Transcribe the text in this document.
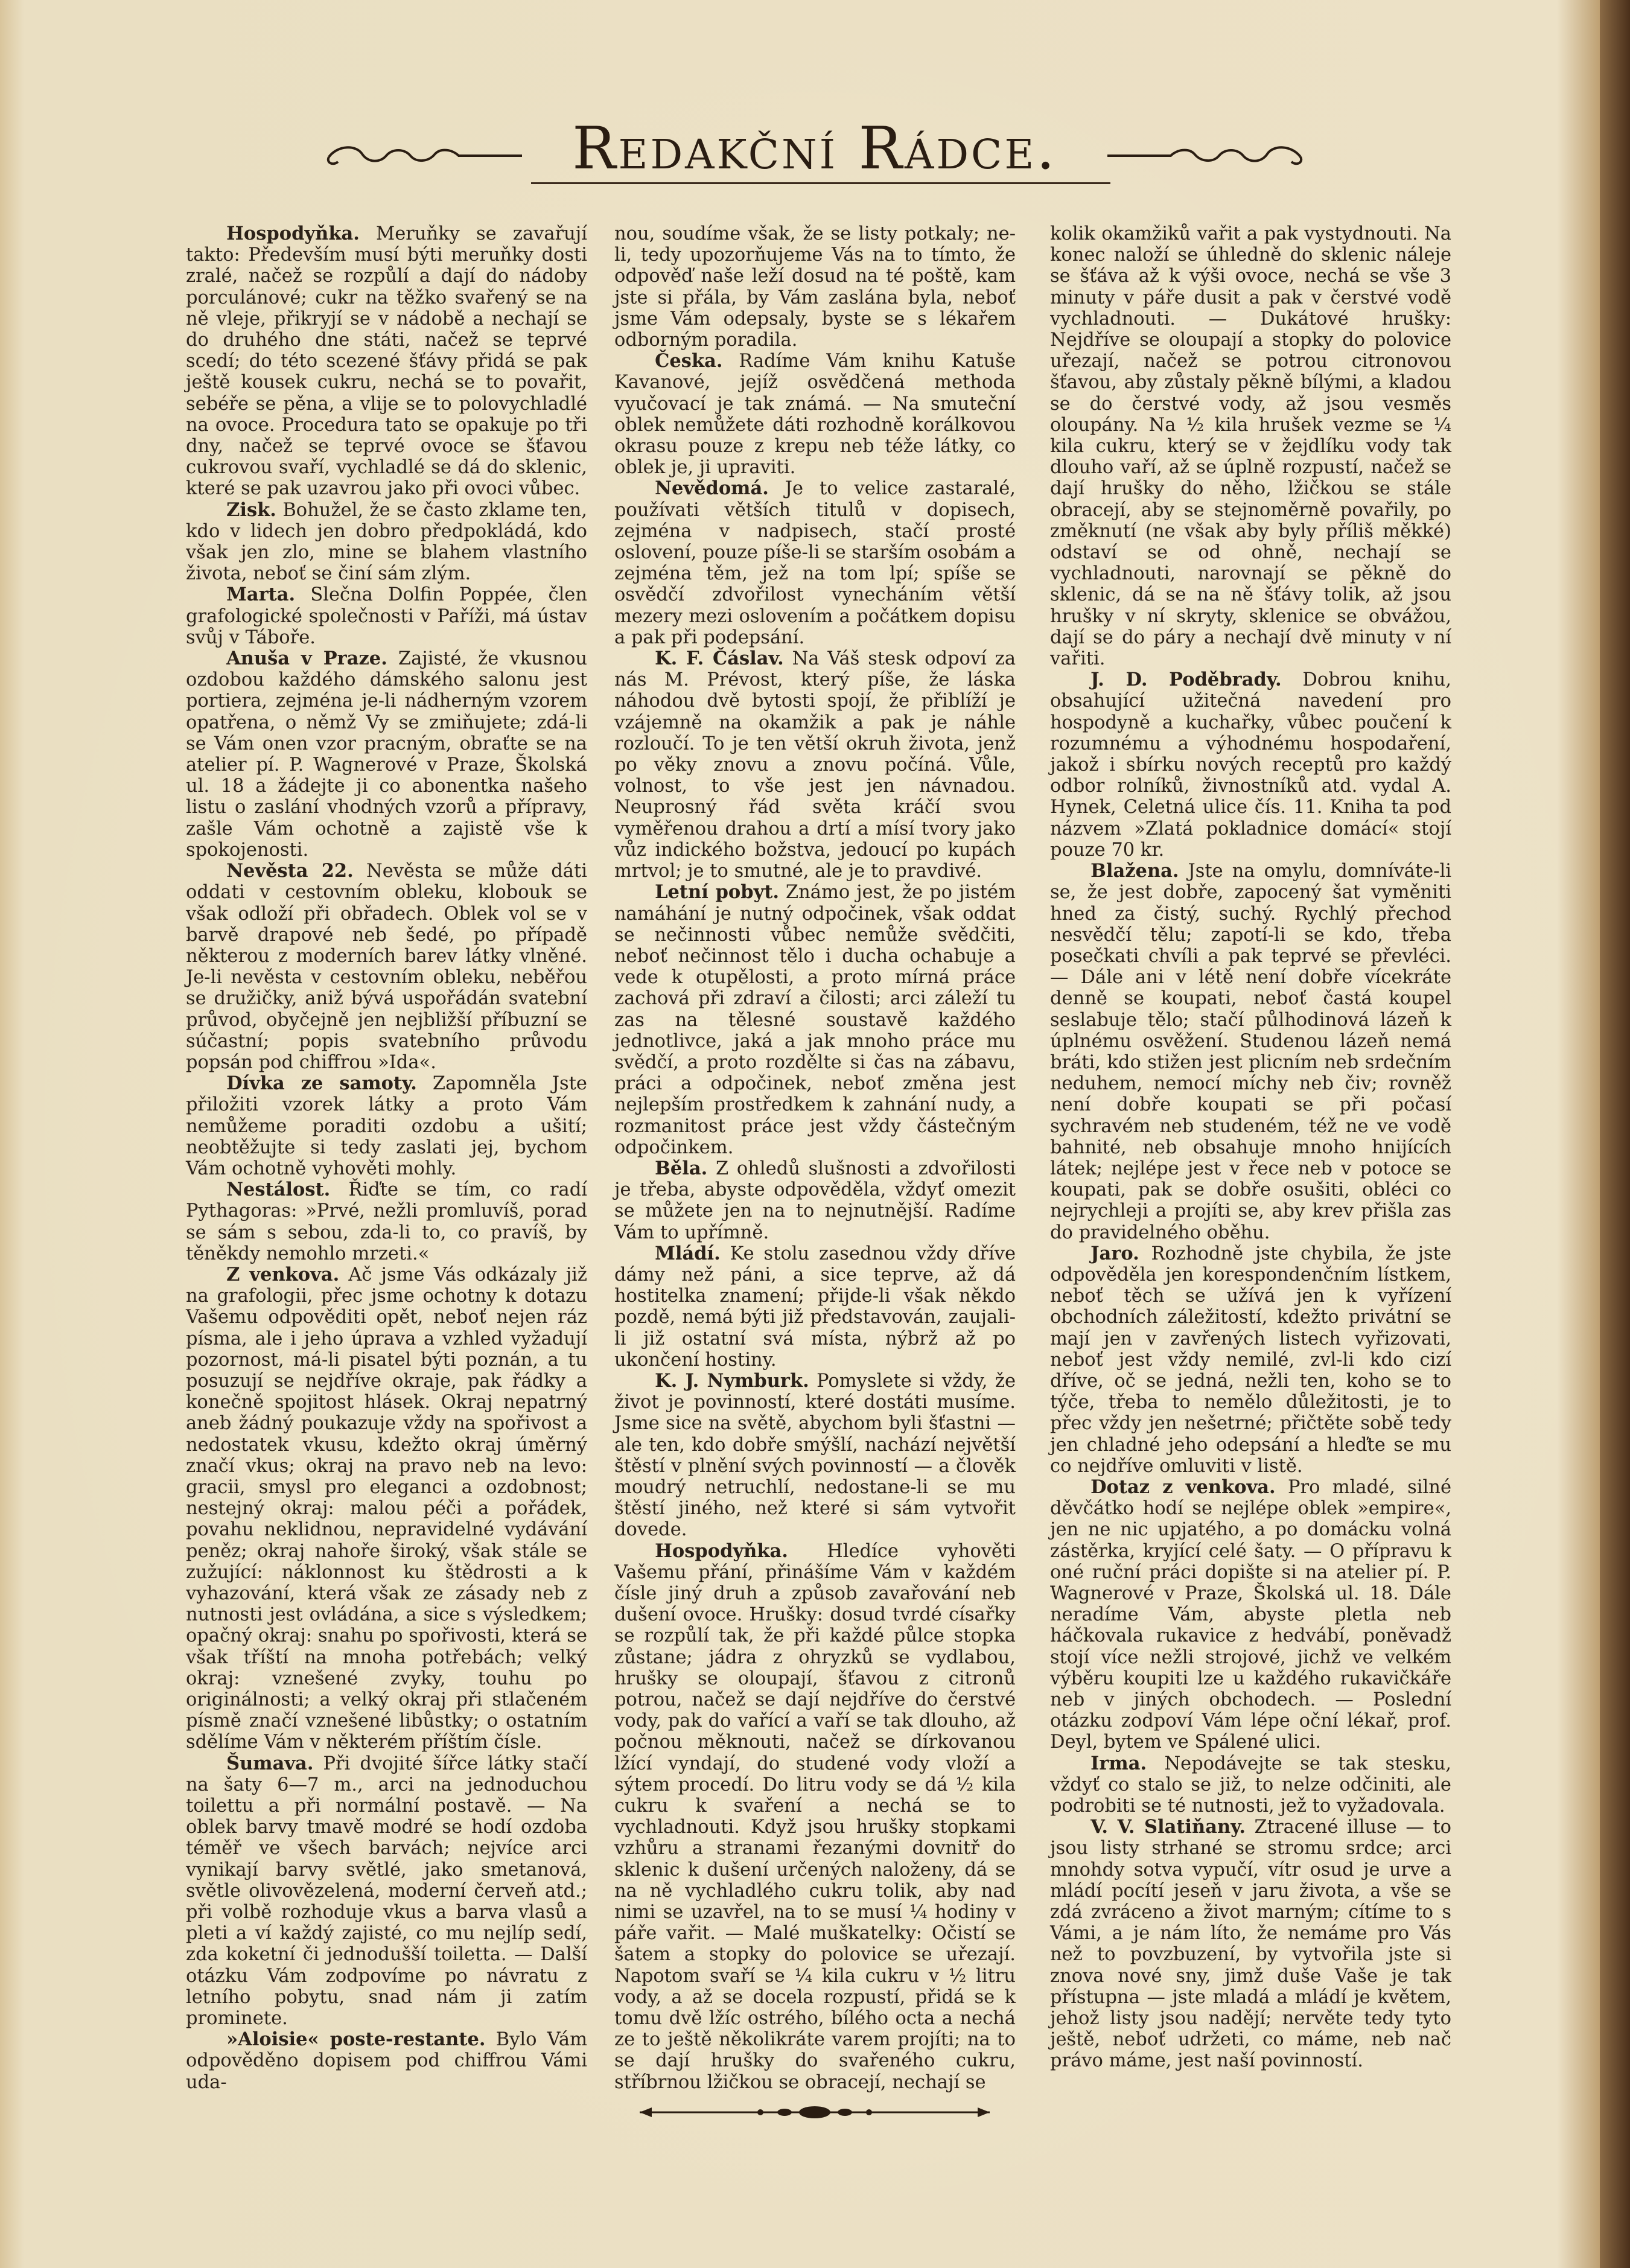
Redakční Rádce.

Hospodyňka. Meruňky se zavařují takto: Především musí býti meruňky dosti zralé, načež se rozpůlí a dají do nádoby porculánové; cukr na těžko svařený se na ně vleje, přikryjí se v nádobě a nechají se do druhého dne státi, načež se teprvé scedí; do této scezené šťávy přidá se pak ještě kousek cukru, nechá se to povařit, sebéře se pěna, a vlije se to polovychladlé na ovoce. Procedura tato se opakuje po tři dny, načež se teprvé ovoce se šťavou cukrovou svaří, vychladlé se dá do sklenic, které se pak uzavrou jako při ovoci vůbec.

Zisk. Bohužel, že se často zklame ten, kdo v lidech jen dobro předpokládá, kdo však jen zlo, mine se blahem vlastního života, neboť se činí sám zlým.

Marta. Slečna Dolfin Poppée, člen grafologické společnosti v Paříži, má ústav svůj v Táboře.

Anuša v Praze. Zajisté, že vkusnou ozdobou každého dámského salonu jest portiera, zejména je-li nádherným vzorem opatřena, o němž Vy se zmiňujete; zdá-li se Vám onen vzor pracným, obraťte se na atelier pí. P. Wagnerové v Praze, Školská ul. 18 a žádejte ji co abonentka našeho listu o zaslání vhodných vzorů a přípravy, zašle Vám ochotně a zajistě vše k spokojenosti.

Nevěsta 22. Nevěsta se může dáti oddati v cestovním obleku, klobouk se však odloží při obřadech. Oblek vol se v barvě drapové neb šedé, po případě některou z moderních barev látky vlněné. Je-li nevěsta v cestovním obleku, neběřou se družičky, aniž bývá uspořádán svatební průvod, obyčejně jen nejbližší příbuzní se súčastní; popis svatebního průvodu popsán pod chiffrou »Ida«.

Dívka ze samoty. Zapomněla Jste přiložiti vzorek látky a proto Vám nemůžeme poraditi ozdobu a ušití; neobtěžujte si tedy zaslati jej, bychom Vám ochotně vyhověti mohly.

Nestálost. Řiďte se tím, co radí Pythagoras: »Prvé, nežli promluvíš, porad se sám s sebou, zda-li to, co pravíš, by těněkdy nemohlo mrzeti.«

Z venkova. Ač jsme Vás odkázaly již na grafologii, přec jsme ochotny k dotazu Vašemu odpověditi opět, neboť nejen ráz písma, ale i jeho úprava a vzhled vyžadují pozornost, má-li pisatel býti poznán, a tu posuzují se nejdříve okraje, pak řádky a konečně spojitost hlásek. Okraj nepatrný aneb žádný poukazuje vždy na spořivost a nedostatek vkusu, kdežto okraj úměrný značí vkus; okraj na pravo neb na levo: gracii, smysl pro eleganci a ozdobnost; nestejný okraj: malou péči a pořádek, povahu neklidnou, nepravidelné vydávání peněz; okraj nahoře široký, však stále se zužující: náklonnost ku štědrosti a k vyhazování, která však ze zásady neb z nutnosti jest ovládána, a sice s výsledkem; opačný okraj: snahu po spořivosti, která se však tříští na mnoha potřebách; velký okraj: vznešené zvyky, touhu po originálnosti; a velký okraj při stlačeném písmě značí vznešené libůstky; o ostatním sdělíme Vám v některém příštím čísle.

Šumava. Při dvojité šířce látky stačí na šaty 6—7 m., arci na jednoduchou toilettu a při normální postavě. — Na oblek barvy tmavě modré se hodí ozdoba téměř ve všech barvách; nejvíce arci vynikají barvy světlé, jako smetanová, světle olivovězelená, moderní červeň atd.; při volbě rozhoduje vkus a barva vlasů a pleti a ví každý zajisté, co mu nejlíp sedí, zda koketní či jednodušší toiletta. — Další otázku Vám zodpovíme po návratu z letního pobytu, snad nám ji zatím prominete.

»Aloisie« poste-restante. Bylo Vám odpověděno dopisem pod chiffrou Vámi uda-

nou, soudíme však, že se listy potkaly; ne-li, tedy upozorňujeme Vás na to tímto, že odpověď naše leží dosud na té poště, kam jste si přála, by Vám zaslána byla, neboť jsme Vám odepsaly, byste se s lékařem odborným poradila.

Česka. Radíme Vám knihu Katuše Kavanové, jejíž osvědčená methoda vyučovací je tak známá. — Na smuteční oblek nemůžete dáti rozhodně korálkovou okrasu pouze z krepu neb téže látky, co oblek je, ji upraviti.

Nevědomá. Je to velice zastaralé, používati větších titulů v dopisech, zejména v nadpisech, stačí prosté oslovení, pouze píše-li se starším osobám a zejména těm, jež na tom lpí; spíše se osvědčí zdvořilost vynecháním větší mezery mezi oslovením a počátkem dopisu a pak při podepsání.

K. F. Čáslav. Na Váš stesk odpoví za nás M. Prévost, který píše, že láska náhodou dvě bytosti spojí, že přiblíží je vzájemně na okamžik a pak je náhle rozloučí. To je ten větší okruh života, jenž po věky znovu a znovu počíná. Vůle, volnost, to vše jest jen návnadou. Neuprosný řád světa kráčí svou vyměřenou drahou a drtí a mísí tvory jako vůz indického božstva, jedoucí po kupách mrtvol; je to smutné, ale je to pravdivé.

Letní pobyt. Známo jest, že po jistém namáhání je nutný odpočinek, však oddat se nečinnosti vůbec nemůže svědčiti, neboť nečinnost tělo i ducha ochabuje a vede k otupělosti, a proto mírná práce zachová při zdraví a čilosti; arci záleží tu zas na tělesné soustavě každého jednotlivce, jaká a jak mnoho práce mu svědčí, a proto rozdělte si čas na zábavu, práci a odpočinek, neboť změna jest nejlepším prostředkem k zahnání nudy, a rozmanitost práce jest vždy částečným odpočinkem.

Běla. Z ohledů slušnosti a zdvořilosti je třeba, abyste odpověděla, vždyť omezit se můžete jen na to nejnutnější. Radíme Vám to upřímně.

Mládí. Ke stolu zasednou vždy dříve dámy než páni, a sice teprve, až dá hostitelka znamení; přijde-li však někdo pozdě, nemá býti již představován, zaujali-li již ostatní svá místa, nýbrž až po ukončení hostiny.

K. J. Nymburk. Pomyslete si vždy, že život je povinností, které dostáti musíme. Jsme sice na světě, abychom byli šťastni — ale ten, kdo dobře smýšlí, nachází největší štěstí v plnění svých povinností — a člověk moudrý netruchlí, nedostane-li se mu štěstí jiného, než které si sám vytvořit dovede.

Hospodyňka. Hledíce vyhověti Vašemu přání, přinášíme Vám v každém čísle jiný druh a způsob zavařování neb dušení ovoce. Hrušky: dosud tvrdé císařky se rozpůlí tak, že při každé půlce stopka zůstane; jádra z ohryzků se vydlabou, hrušky se oloupají, šťavou z citronů potrou, načež se dají nejdříve do čerstvé vody, pak do vařící a vaří se tak dlouho, až počnou měknouti, načež se dírkovanou lžící vyndají, do studené vody vloží a sýtem procedí. Do litru vody se dá ½ kila cukru k svaření a nechá se to vychladnouti. Když jsou hrušky stopkami vzhůru a stranami řezanými dovnitř do sklenic k dušení určených naloženy, dá se na ně vychladlého cukru tolik, aby nad nimi se uzavřel, na to se musí ¼ hodiny v páře vařit. — Malé muškatelky: Očistí se šatem a stopky do polovice se uřezají. Napotom svaří se ¼ kila cukru v ½ litru vody, a až se docela rozpustí, přidá se k tomu dvě lžíc ostrého, bílého octa a nechá ze to ještě několikráte varem projíti; na to se dají hrušky do svařeného cukru, stříbrnou lžičkou se obracejí, nechají se

kolik okamžiků vařit a pak vystydnouti. Na konec naloží se úhledně do sklenic náleje se šťáva až k výši ovoce, nechá se vše 3 minuty v páře dusit a pak v čerstvé vodě vychladnouti. — Dukátové hrušky: Nejdříve se oloupají a stopky do polovice uřezají, načež se potrou citronovou šťavou, aby zůstaly pěkně bílými, a kladou se do čerstvé vody, až jsou vesměs oloupány. Na ½ kila hrušek vezme se ¼ kila cukru, který se v žejdlíku vody tak dlouho vaří, až se úplně rozpustí, načež se dají hrušky do něho, lžičkou se stále obracejí, aby se stejnoměrně povařily, po změknutí (ne však aby byly příliš měkké) odstaví se od ohně, nechají se vychladnouti, narovnají se pěkně do sklenic, dá se na ně šťávy tolik, až jsou hrušky v ní skryty, sklenice se obvážou, dají se do páry a nechají dvě minuty v ní vařiti.

J. D. Poděbrady. Dobrou knihu, obsahující užitečná navedení pro hospodyně a kuchařky, vůbec poučení k rozumnému a výhodnému hospodaření, jakož i sbírku nových receptů pro každý odbor rolníků, živnostníků atd. vydal A. Hynek, Celetná ulice čís. 11. Kniha ta pod názvem »Zlatá pokladnice domácí« stojí pouze 70 kr.

Blažena. Jste na omylu, domníváte-li se, že jest dobře, zapocený šat vyměniti hned za čistý, suchý. Rychlý přechod nesvědčí tělu; zapotí-li se kdo, třeba posečkati chvíli a pak teprvé se převléci. — Dále ani v létě není dobře vícekráte denně se koupati, neboť častá koupel seslabuje tělo; stačí půlhodinová lázeň k úplnému osvěžení. Studenou lázeň nemá bráti, kdo stižen jest plicním neb srdečním neduhem, nemocí míchy neb čiv; rovněž není dobře koupati se při počasí sychravém neb studeném, též ne ve vodě bahnité, neb obsahuje mnoho hnijících látek; nejlépe jest v řece neb v potoce se koupati, pak se dobře osušiti, obléci co nejrychleji a projíti se, aby krev přišla zas do pravidelného oběhu.

Jaro. Rozhodně jste chybila, že jste odpověděla jen korespondenčním lístkem, neboť těch se užívá jen k vyřízení obchodních záležitostí, kdežto privátní se mají jen v zavřených listech vyřizovati, neboť jest vždy nemilé, zvl-li kdo cizí dříve, oč se jedná, nežli ten, koho se to týče, třeba to nemělo důležitosti, je to přec vždy jen nešetrné; přičtěte sobě tedy jen chladné jeho odepsání a hleďte se mu co nejdříve omluviti v listě.

Dotaz z venkova. Pro mladé, silné děvčátko hodí se nejlépe oblek »empire«, jen ne nic upjatého, a po domácku volná zástěrka, kryjící celé šaty. — O přípravu k oné ruční práci dopište si na atelier pí. P. Wagnerové v Praze, Školská ul. 18. Dále neradíme Vám, abyste pletla neb háčkovala rukavice z hedvábí, poněvadž stojí více nežli strojové, jichž ve velkém výběru koupiti lze u každého rukavičkáře neb v jiných obchodech. — Poslední otázku zodpoví Vám lépe oční lékař, prof. Deyl, bytem ve Spálené ulici.

Irma. Nepodávejte se tak stesku, vždyť co stalo se již, to nelze odčiniti, ale podrobiti se té nutnosti, jež to vyžadovala.

V. V. Slatiňany. Ztracené illuse — to jsou listy strhané se stromu srdce; arci mnohdy sotva vypučí, vítr osud je urve a mládí pocítí jeseň v jaru života, a vše se zdá zvráceno a život marným; cítíme to s Vámi, a je nám líto, že nemáme pro Vás než to povzbuzení, by vytvořila jste si znova nové sny, jimž duše Vaše je tak přístupna — jste mladá a mládí je květem, jehož listy jsou nadějí; nervěte tedy tyto ještě, neboť udržeti, co máme, neb nač právo máme, jest naší povinností.
